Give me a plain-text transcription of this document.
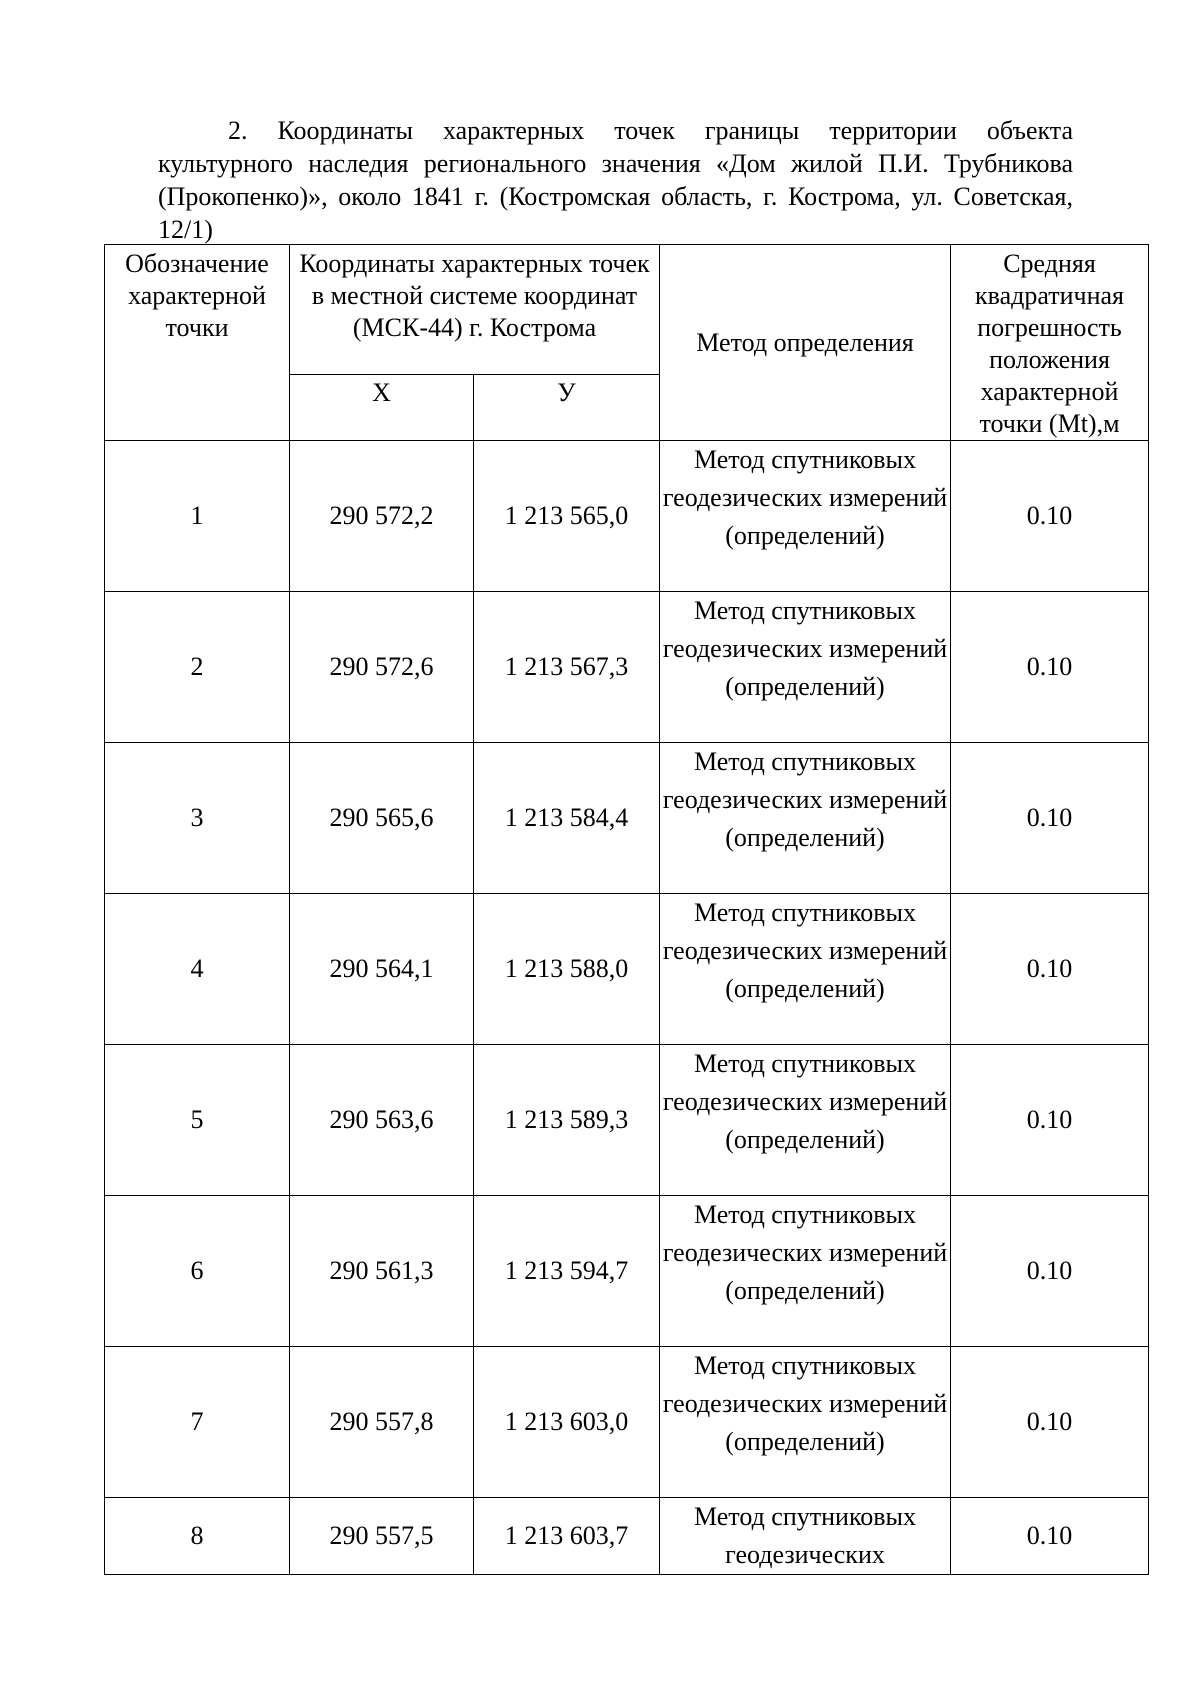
2. Координаты характерных точек границы территории объекта культурного наследия регионального значения «Дом жилой П.И. Трубникова (Прокопенко)», около 1841 г. (Костромская область, г. Кострома, ул. Советская, 12/1)

Обозначение характерной точки	Координаты характерных точек в местной системе координат (МСК-44) г. Кострома		Метод определения	Средняя квадратичная погрешность положения характерной точки (Mt),м
	X	У		
1	290 572,2	1 213 565,0	Метод спутниковых геодезических измерений (определений)	0.10
2	290 572,6	1 213 567,3	Метод спутниковых геодезических измерений (определений)	0.10
3	290 565,6	1 213 584,4	Метод спутниковых геодезических измерений (определений)	0.10
4	290 564,1	1 213 588,0	Метод спутниковых геодезических измерений (определений)	0.10
5	290 563,6	1 213 589,3	Метод спутниковых геодезических измерений (определений)	0.10
6	290 561,3	1 213 594,7	Метод спутниковых геодезических измерений (определений)	0.10
7	290 557,8	1 213 603,0	Метод спутниковых геодезических измерений (определений)	0.10
8	290 557,5	1 213 603,7	Метод спутниковых геодезических	0.10
